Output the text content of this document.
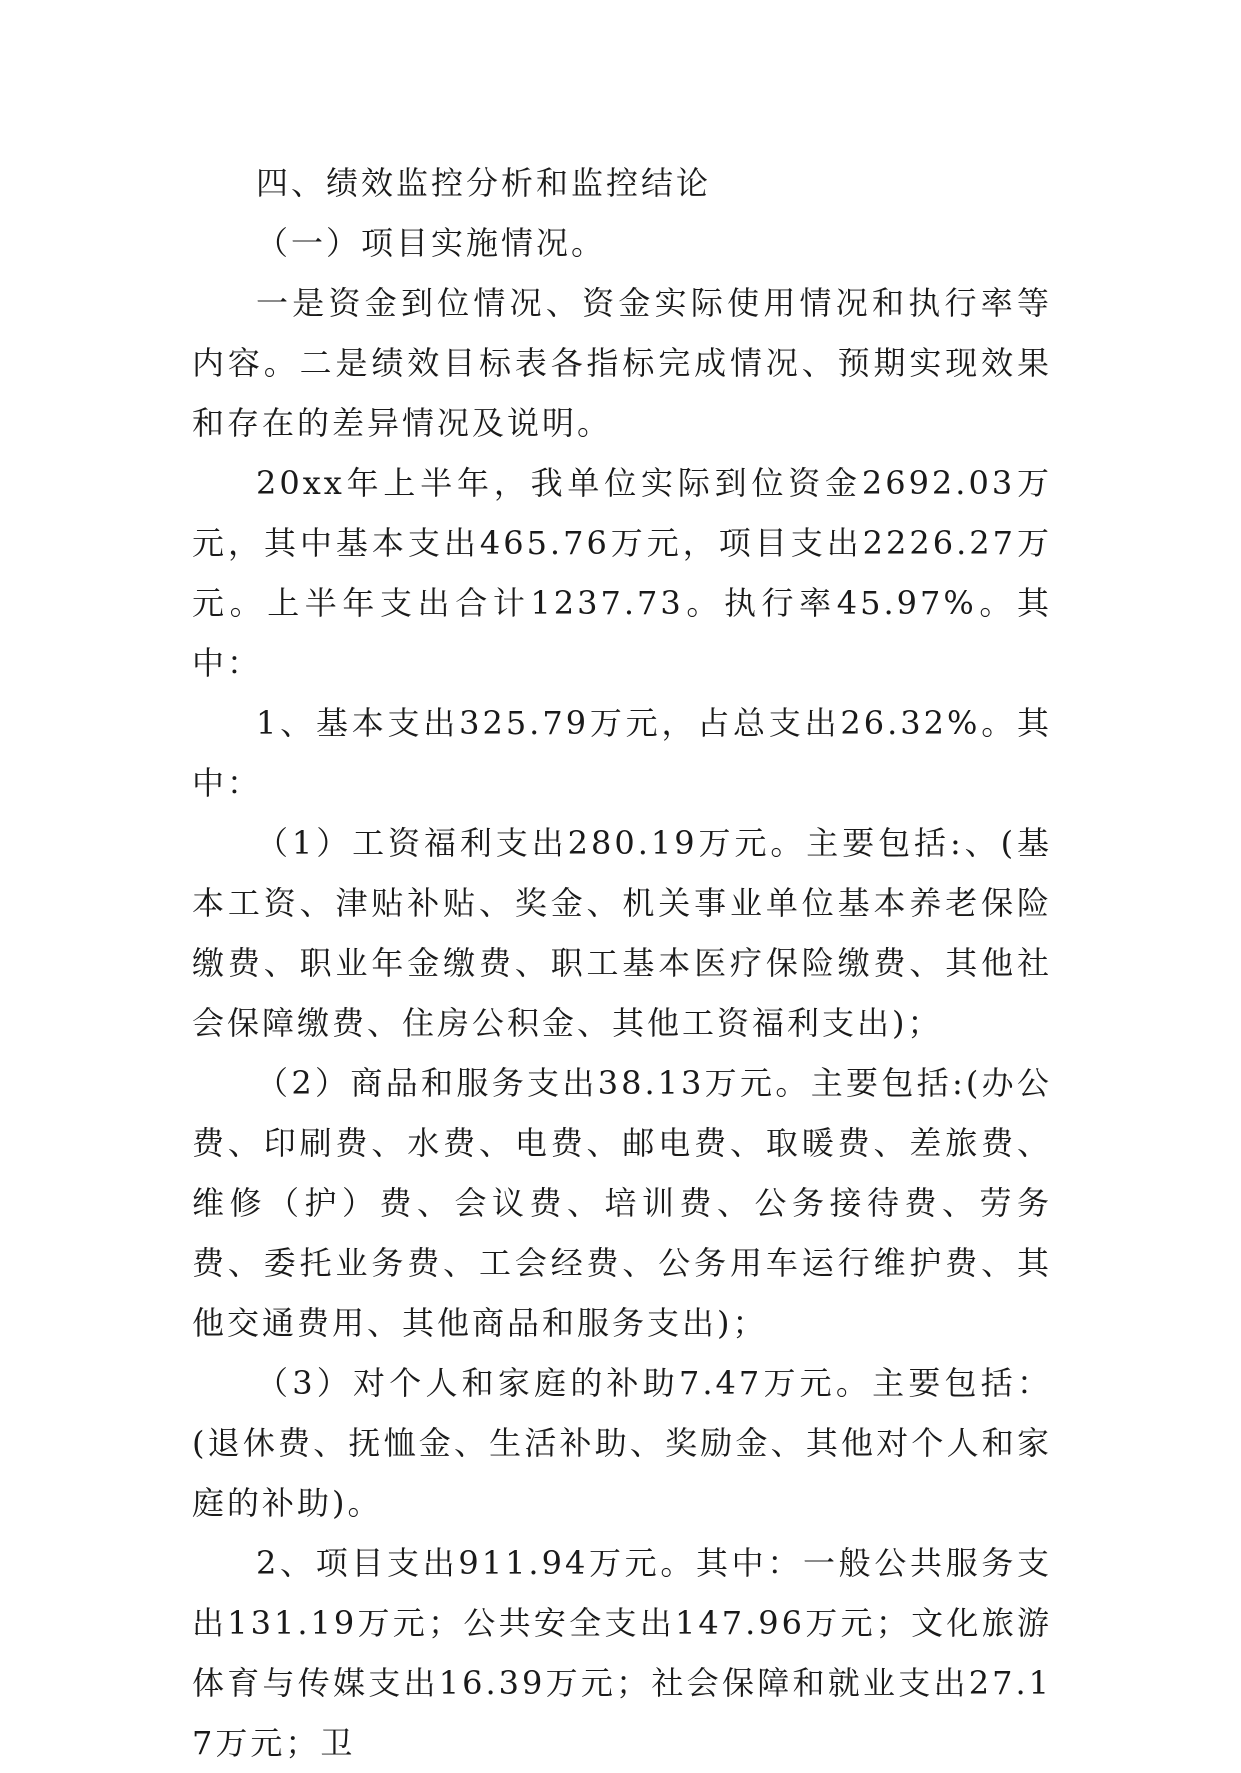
四、绩效监控分析和监控结论

（一）项目实施情况。

一是资金到位情况、资金实际使用情况和执行率等内容。二是绩效目标表各指标完成情况、预期实现效果和存在的差异情况及说明。

20xx年上半年，我单位实际到位资金2692.03万元，其中基本支出465.76万元，项目支出2226.27万元。上半年支出合计1237.73。执行率45.97%。其中：

1、基本支出325.79万元，占总支出26.32%。其中：

（1）工资福利支出280.19万元。主要包括:、(基本工资、津贴补贴、奖金、机关事业单位基本养老保险缴费、职业年金缴费、职工基本医疗保险缴费、其他社会保障缴费、住房公积金、其他工资福利支出)；

（2）商品和服务支出38.13万元。主要包括:(办公费、印刷费、水费、电费、邮电费、取暖费、差旅费、维修（护）费、会议费、培训费、公务接待费、劳务费、委托业务费、工会经费、公务用车运行维护费、其他交通费用、其他商品和服务支出)；

（3）对个人和家庭的补助7.47万元。主要包括：(退休费、抚恤金、生活补助、奖励金、其他对个人和家庭的补助)。

2、项目支出911.94万元。其中：一般公共服务支出131.19万元；公共安全支出147.96万元；文化旅游体育与传媒支出16.39万元；社会保障和就业支出27.17万元；卫
